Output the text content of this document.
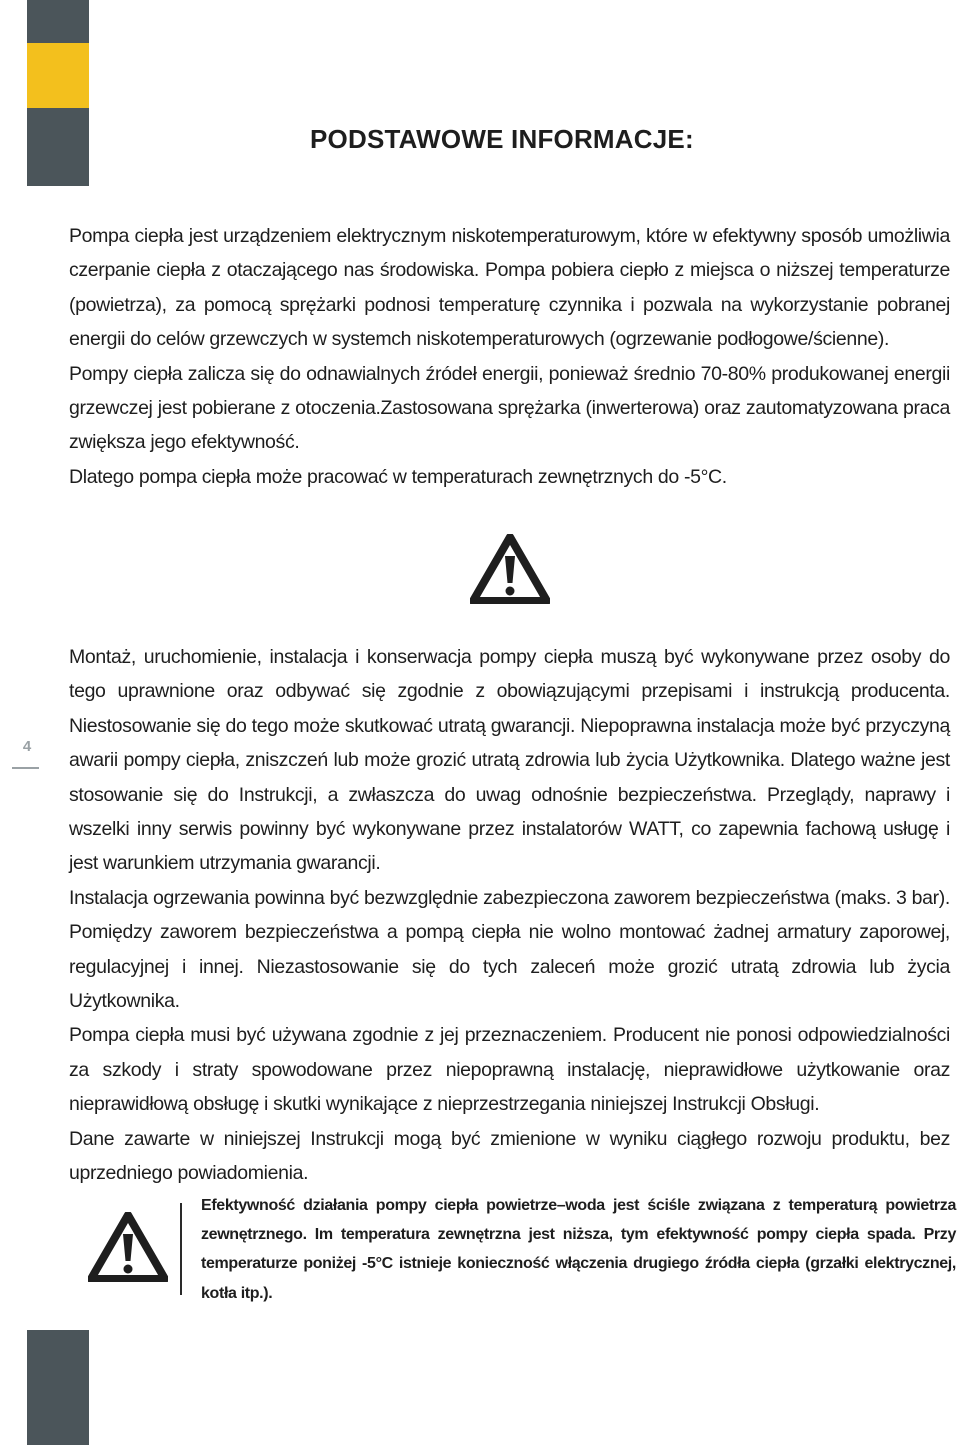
PODSTAWOWE INFORMACJE:

Pompa ciepła jest urządzeniem elektrycznym niskotemperaturowym, które w efektywny sposób umożliwia czerpanie ciepła z otaczającego nas środowiska. Pompa pobiera ciepło z miejsca o niższej temperaturze (powietrza), za pomocą sprężarki podnosi temperaturę czynnika i pozwala na wykorzystanie pobranej energii do celów grzewczych w systemch niskotemperaturowych (ogrzewanie podłogowe/ścienne).

Pompy ciepła zalicza się do odnawialnych źródeł energii, ponieważ średnio 70-80% produkowanej energii grzewczej jest pobierane z otoczenia.Zastosowana sprężarka (inwerterowa) oraz zautomatyzowana praca zwiększa jego efektywność.

Dlatego pompa ciepła może pracować w temperaturach zewnętrznych do -5°C.

Montaż, uruchomienie, instalacja i konserwacja pompy ciepła muszą być wykonywane przez osoby do tego uprawnione oraz odbywać się zgodnie z obowiązującymi przepisami i instrukcją producenta. Niestosowanie się do tego może skutkować utratą gwarancji. Niepoprawna instalacja może być przyczyną awarii pompy ciepła, zniszczeń lub może grozić utratą zdrowia lub życia Użytkownika. Dlatego ważne jest stosowanie się do Instrukcji, a zwłaszcza do uwag odnośnie bezpieczeństwa. Przeglądy, naprawy i wszelki inny serwis powinny być wykonywane przez instalatorów WATT, co zapewnia fachową usługę i jest warunkiem utrzymania gwarancji.

Instalacja ogrzewania powinna być bezwzględnie zabezpieczona zaworem bezpieczeństwa (maks. 3 bar). Pomiędzy zaworem bezpieczeństwa a pompą ciepła nie wolno montować żadnej armatury zaporowej, regulacyjnej i innej. Niezastosowanie się do tych zaleceń może grozić utratą zdrowia lub życia Użytkownika.

Pompa ciepła musi być używana zgodnie z jej przeznaczeniem. Producent nie ponosi odpowiedzialności za szkody i straty spowodowane przez niepoprawną instalację, nieprawidłowe użytkowanie oraz nieprawidłową obsługę i skutki wynikające z nieprzestrzegania niniejszej Instrukcji Obsługi.

Dane zawarte w niniejszej Instrukcji mogą być zmienione w wyniku ciągłego rozwoju produktu, bez uprzedniego powiadomienia.

4

Efektywność działania pompy ciepła powietrze–woda jest ściśle związana z temperaturą powietrza zewnętrznego. Im temperatura zewnętrzna jest niższa, tym efektywność pompy ciepła spada. Przy temperaturze poniżej -5°C istnieje konieczność włączenia drugiego źródła ciepła (grzałki elektrycznej, kotła itp.).
